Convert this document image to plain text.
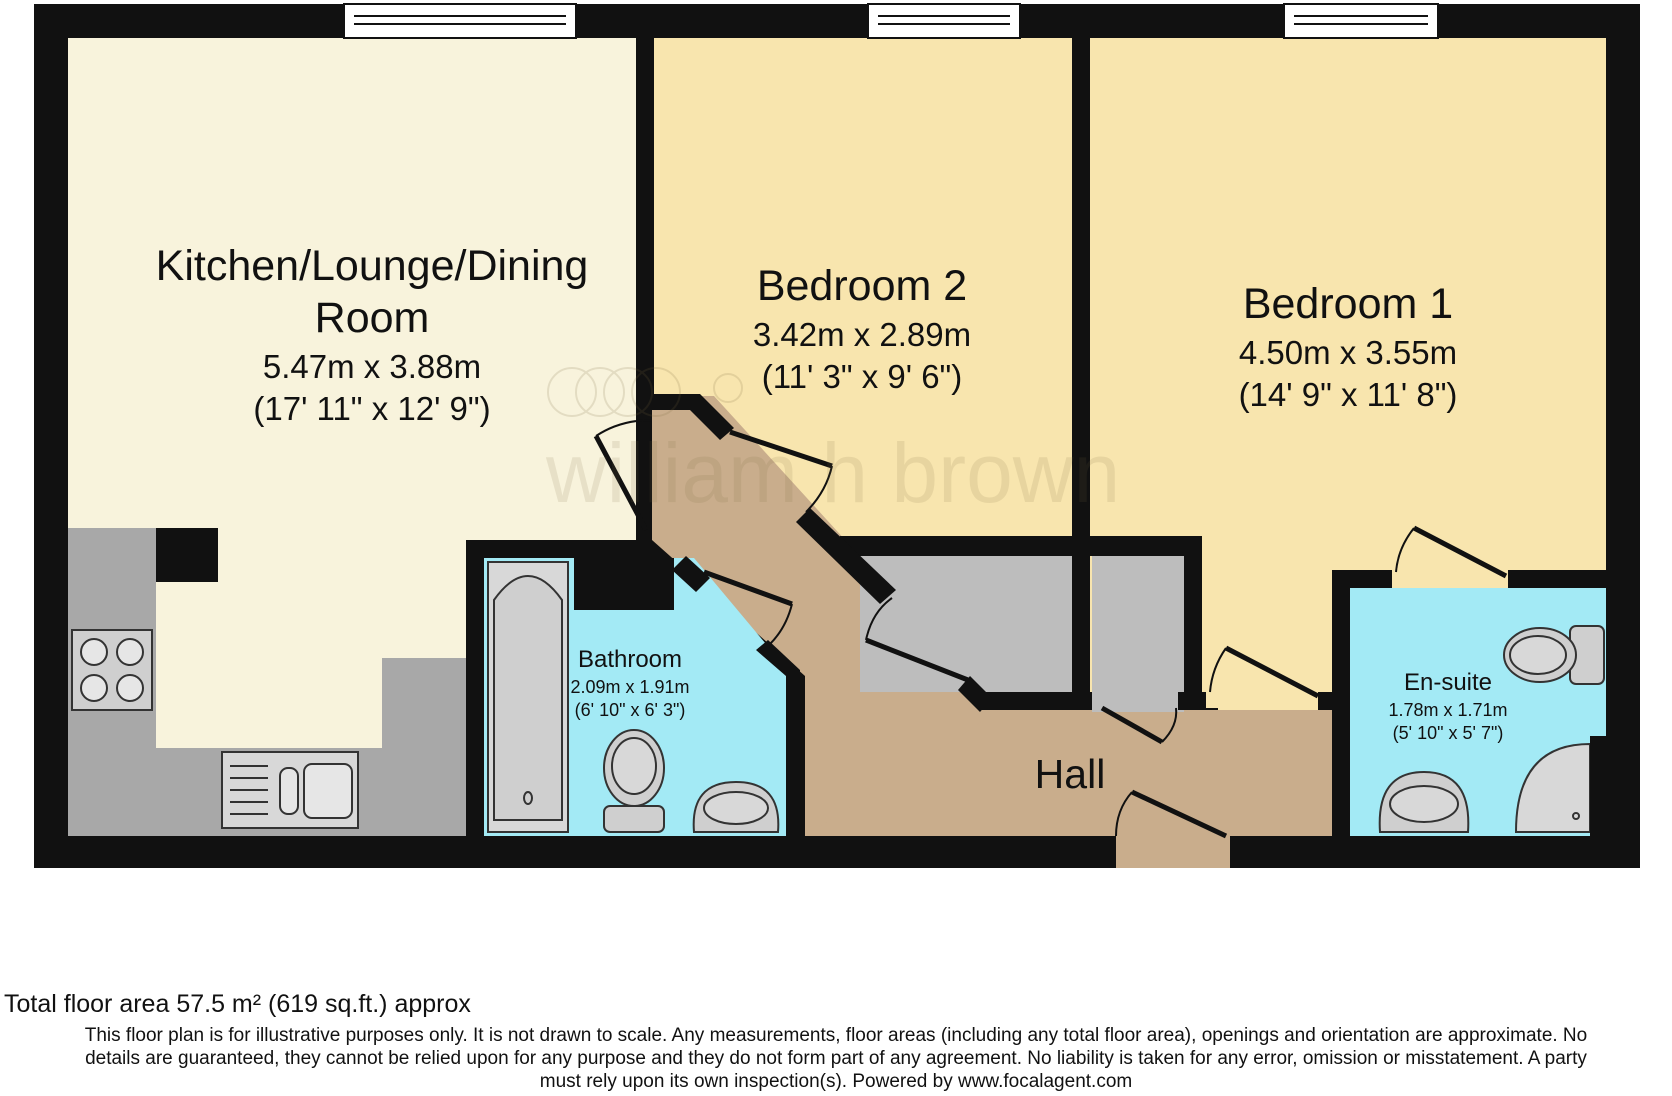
william h brown
Kitchen/Lounge/Dining
Room
5.47m x 3.88m
(17' 11" x 12' 9")
Bedroom 2
3.42m x 2.89m
(11' 3" x 9' 6")
Bedroom 1
4.50m x 3.55m
(14' 9" x 11' 8")
Bathroom
2.09m x 1.91m
(6' 10" x 6' 3")
En-suite
1.78m x 1.71m
(5' 10" x 5' 7")
Hall
Total floor area 57.5 m² (619 sq.ft.) approx
This floor plan is for illustrative purposes only. It is not drawn to scale. Any measurements, floor areas (including any total floor area), openings and orientation are approximate. No
details are guaranteed, they cannot be relied upon for any purpose and they do not form part of any agreement. No liability is taken for any error, omission or misstatement. A party
must rely upon its own inspection(s). Powered by www.focalagent.com
